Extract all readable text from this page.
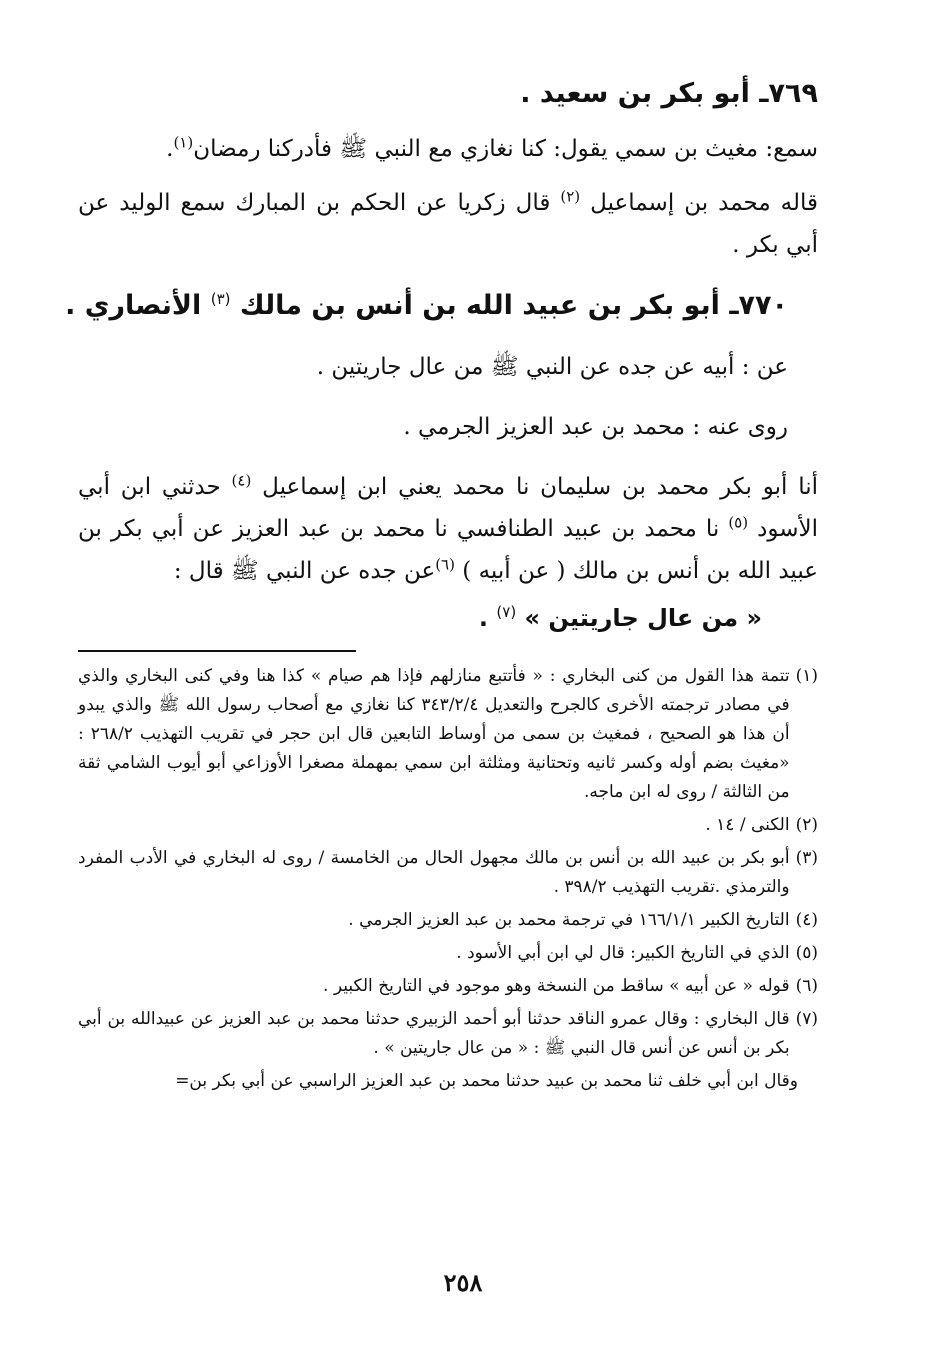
٧٦٩ـ أبو بكر بن سعيد .

سمع: مغيث بن سمي يقول: كنا نغازي مع النبي ﷺ فأدركنا رمضان$^{(١)}$.

قاله محمد بن إسماعيل $^{(٢)}$ قال زكريا عن الحكم بن المبارك سمع الوليد عن أبي بكر .

٧٧٠ـ أبو بكر بن عبيد الله بن أنس بن مالك $^{(٣)}$ الأنصاري .

عن : أبيه عن جده عن النبي ﷺ من عال جاريتين .

روى عنه : محمد بن عبد العزيز الجرمي .

أنا أبو بكر محمد بن سليمان نا محمد يعني ابن إسماعيل $^{(٤)}$ حدثني ابن أبي الأسود $^{(٥)}$ نا محمد بن عبيد الطنافسي نا محمد بن عبد العزيز عن أبي بكر بن عبيد الله بن أنس بن مالك ( عن أبيه ) $^{(٦)}$عن جده عن النبي ﷺ قال :

« من عال جاريتين » $^{(٧)}$ .

(١)
تتمة هذا القول من كنى البخاري : « فأتتبع منازلهم فإذا هم صيام » كذا هنا وفي كنى البخاري والذي في مصادر ترجمته الأخرى كالجرح والتعديل ٣٤٣/٢/٤ كنا نغازي مع أصحاب رسول الله ﷺ والذي يبدو أن هذا هو الصحيح ، فمغيث بن سمى من أوساط التابعين قال ابن حجر في تقريب التهذيب ٢٦٨/٢ : «مغيث بضم أوله وكسر ثانيه وتحتانية ومثلثة ابن سمي بمهملة مصغرا الأوزاعي أبو أيوب الشامي ثقة من الثالثة / روى له ابن ماجه.

(٢)
الكنى / ١٤ .

(٣)
أبو بكر بن عبيد الله بن أنس بن مالك مجهول الحال من الخامسة / روى له البخاري في الأدب المفرد والترمذي .تقريب التهذيب ٣٩٨/٢ .

(٤)
التاريخ الكبير ١٦٦/١/١ في ترجمة محمد بن عبد العزيز الجرمي .

(٥)
الذي في التاريخ الكبير: قال لي ابن أبي الأسود .

(٦)
قوله « عن أبيه » ساقط من النسخة وهو موجود في التاريخ الكبير .

(٧)
قال البخاري : وقال عمرو الناقد حدثنا أبو أحمد الزبيري حدثنا محمد بن عبد العزيز عن عبيدالله بن أبي بكر بن أنس عن أنس قال النبي ﷺ : « من عال جاريتين » .

وقال ابن أبي خلف ثنا محمد بن عبيد حدثنا محمد بن عبد العزيز الراسبي عن أبي بكر بن=

٢٥٨
